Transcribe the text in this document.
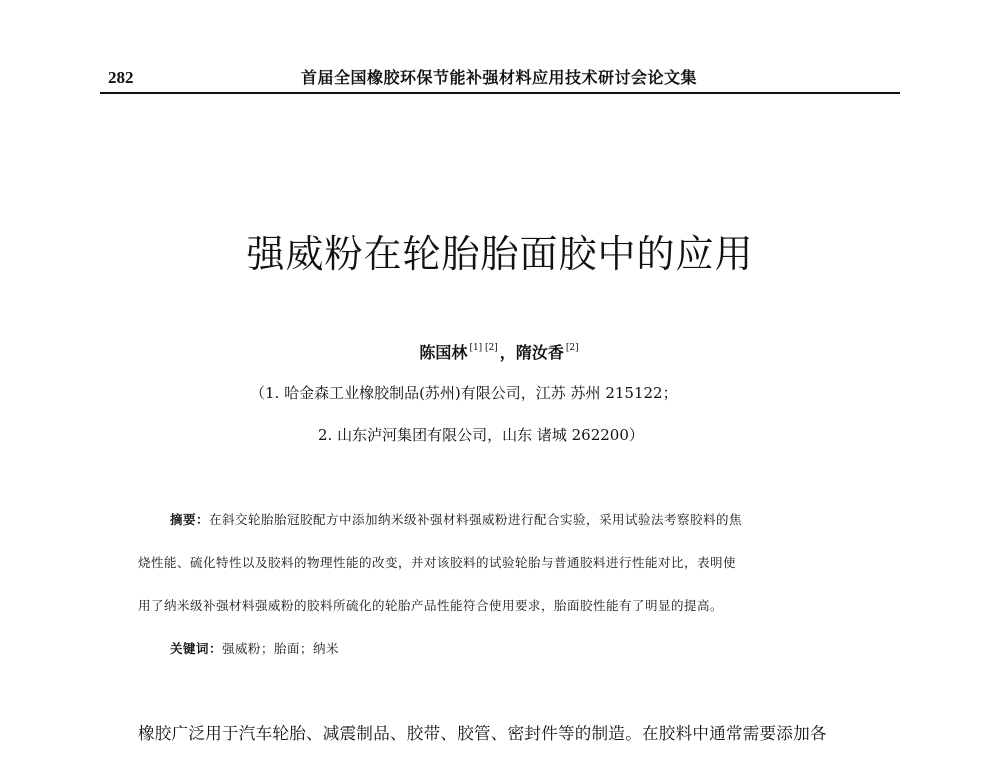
282	首届全国橡胶环保节能补强材料应用技术研讨会论文集
强威粉在轮胎胎面胶中的应用
陈国林 [1] [2] ，隋汝香 [2]
（1. 哈金森工业橡胶制品(苏州)有限公司，江苏 苏州 215122；
2. 山东泸河集团有限公司，山东 诸城 262200）
摘要：在斜交轮胎胎冠胶配方中添加纳米级补强材料强威粉进行配合实验，采用试验法考察胶料的焦
烧性能、硫化特性以及胶料的物理性能的改变，并对该胶料的试验轮胎与普通胶料进行性能对比，表明使
用了纳米级补强材料强威粉的胶料所硫化的轮胎产品性能符合使用要求，胎面胶性能有了明显的提高。
关键词：强威粉；胎面；纳米
橡胶广泛用于汽车轮胎、减震制品、胶带、胶管、密封件等的制造。在胶料中通常需要添加各
